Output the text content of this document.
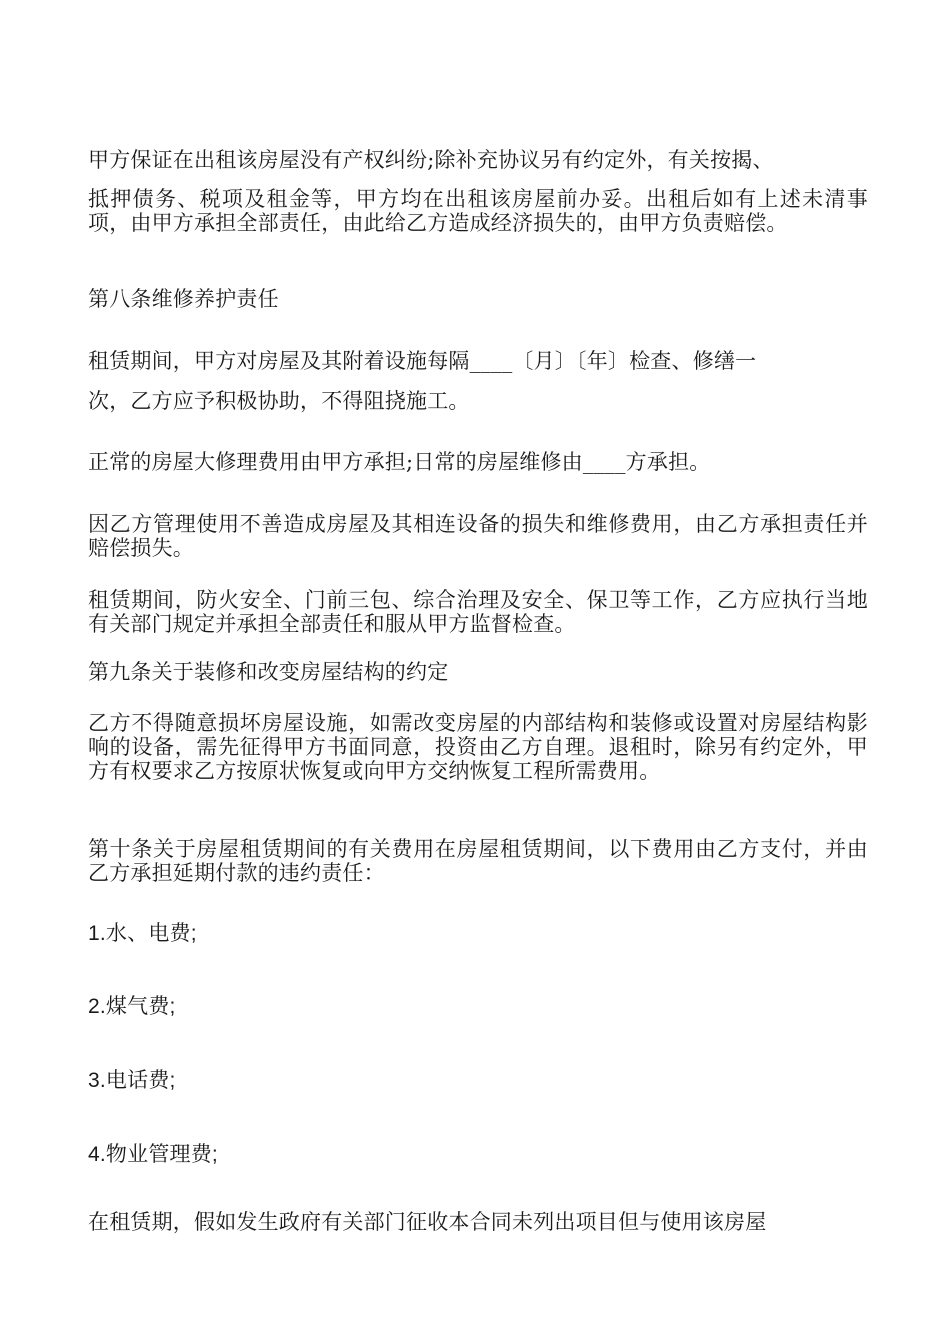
甲方保证在出租该房屋没有产权纠纷;除补充协议另有约定外，有关按揭、

抵押债务、税项及租金等，甲方均在出租该房屋前办妥。出租后如有上述未清事项，由甲方承担全部责任，由此给乙方造成经济损失的，由甲方负责赔偿。

第八条维修养护责任

租赁期间，甲方对房屋及其附着设施每隔____〔月〕〔年〕检查、修缮一

次，乙方应予积极协助，不得阻挠施工。

正常的房屋大修理费用由甲方承担;日常的房屋维修由____方承担。

因乙方管理使用不善造成房屋及其相连设备的损失和维修费用，由乙方承担责任并赔偿损失。

租赁期间，防火安全、门前三包、综合治理及安全、保卫等工作，乙方应执行当地有关部门规定并承担全部责任和服从甲方监督检查。

第九条关于装修和改变房屋结构的约定

乙方不得随意损坏房屋设施，如需改变房屋的内部结构和装修或设置对房屋结构影响的设备，需先征得甲方书面同意，投资由乙方自理。退租时，除另有约定外，甲方有权要求乙方按原状恢复或向甲方交纳恢复工程所需费用。

第十条关于房屋租赁期间的有关费用在房屋租赁期间，以下费用由乙方支付，并由乙方承担延期付款的违约责任：

1.水、电费;

2.煤气费;

3.电话费;

4.物业管理费;

在租赁期，假如发生政府有关部门征收本合同未列出项目但与使用该房屋
